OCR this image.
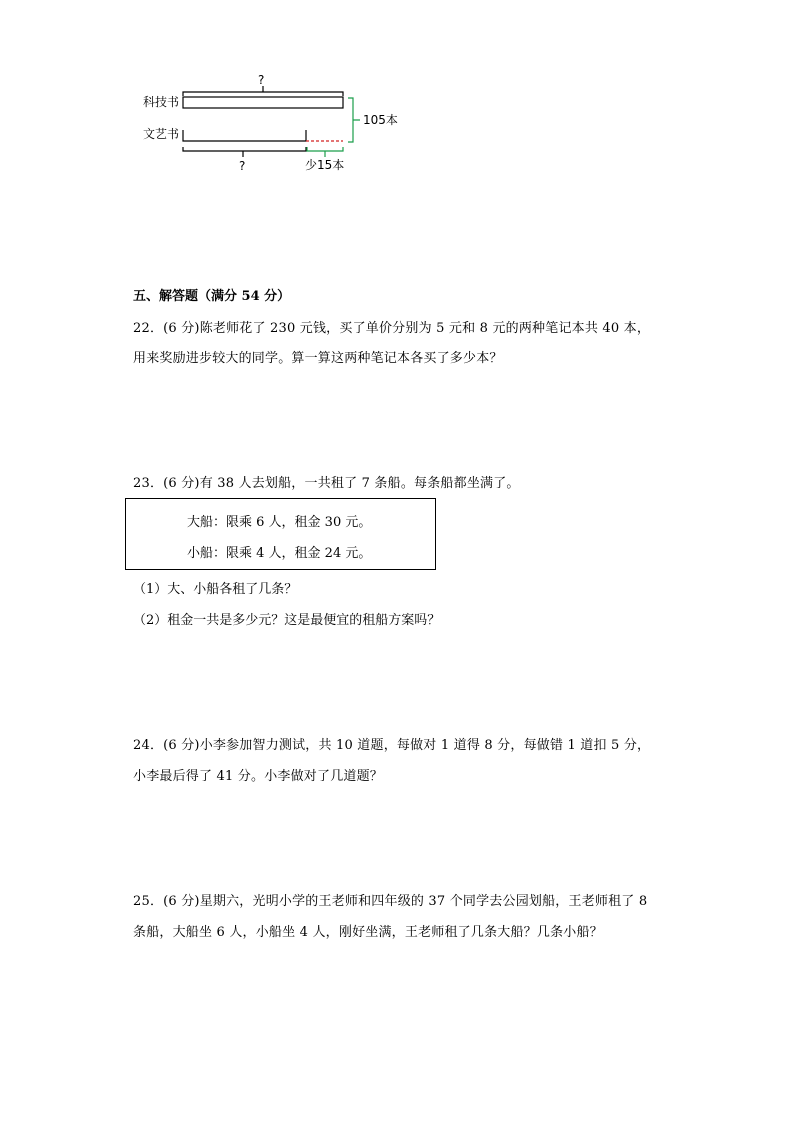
?
科技书
文艺书
105本
?	少15本
五、解答题（满分 54 分）
22．(6 分)陈老师花了 230 元钱，买了单价分别为 5 元和 8 元的两种笔记本共 40 本，
用来奖励进步较大的同学。算一算这两种笔记本各买了多少本？
23．(6 分)有 38 人去划船，一共租了 7 条船。每条船都坐满了。
大船：限乘 6 人，租金 30 元。
小船：限乘 4 人，租金 24 元。
（1）大、小船各租了几条？
（2）租金一共是多少元？这是最便宜的租船方案吗？
24．(6 分)小李参加智力测试，共 10 道题，每做对 1 道得 8 分，每做错 1 道扣 5 分，
小李最后得了 41 分。小李做对了几道题？
25．(6 分)星期六，光明小学的王老师和四年级的 37 个同学去公园划船，王老师租了 8
条船，大船坐 6 人，小船坐 4 人，刚好坐满，王老师租了几条大船？几条小船？
